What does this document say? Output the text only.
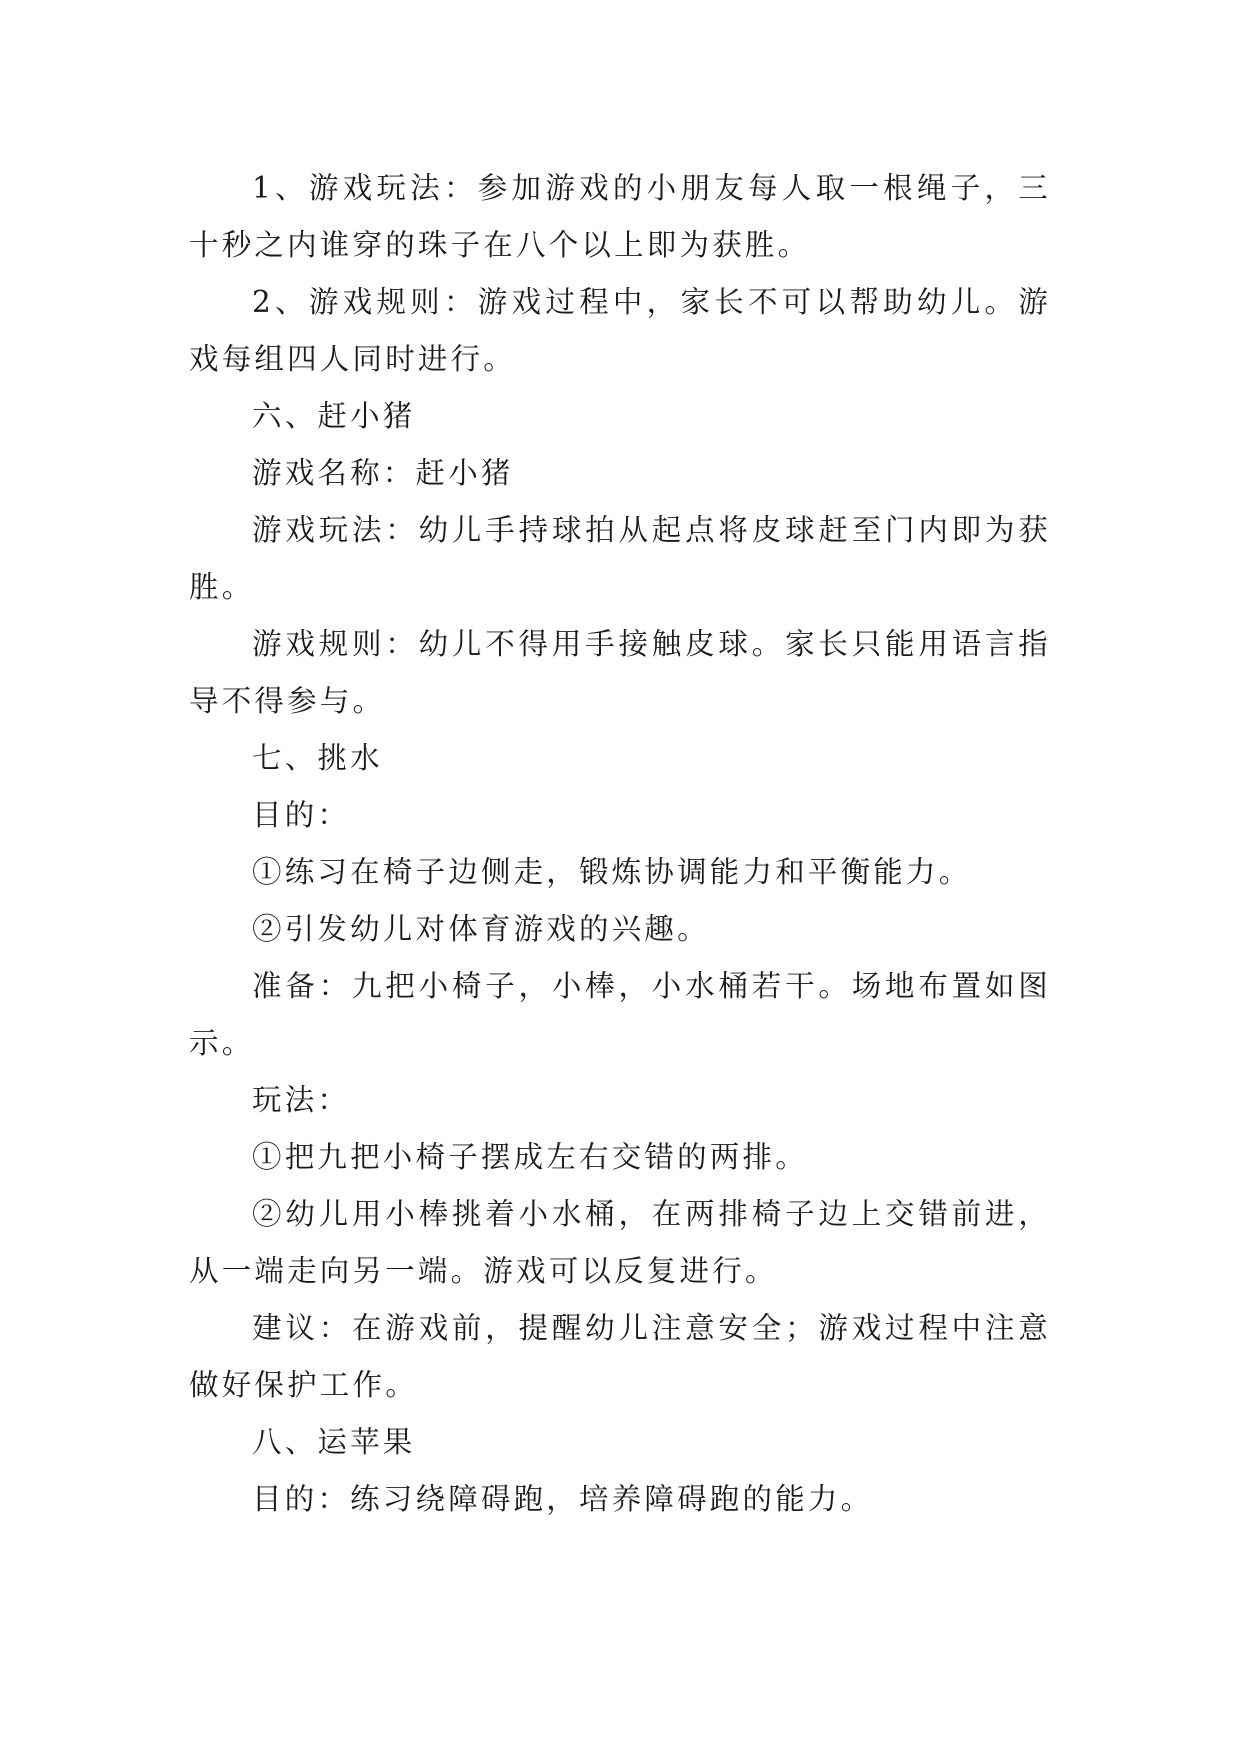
1、游戏玩法：参加游戏的小朋友每人取一根绳子，三十秒之内谁穿的珠子在八个以上即为获胜。

2、游戏规则：游戏过程中，家长不可以帮助幼儿。游戏每组四人同时进行。

六、赶小猪

游戏名称：赶小猪

游戏玩法：幼儿手持球拍从起点将皮球赶至门内即为获胜。

游戏规则：幼儿不得用手接触皮球。家长只能用语言指导不得参与。

七、挑水

目的：

①练习在椅子边侧走，锻炼协调能力和平衡能力。

②引发幼儿对体育游戏的兴趣。

准备：九把小椅子，小棒，小水桶若干。场地布置如图示。

玩法：

①把九把小椅子摆成左右交错的两排。

②幼儿用小棒挑着小水桶，在两排椅子边上交错前进，从一端走向另一端。游戏可以反复进行。

建议：在游戏前，提醒幼儿注意安全；游戏过程中注意做好保护工作。

八、运苹果

目的：练习绕障碍跑，培养障碍跑的能力。
